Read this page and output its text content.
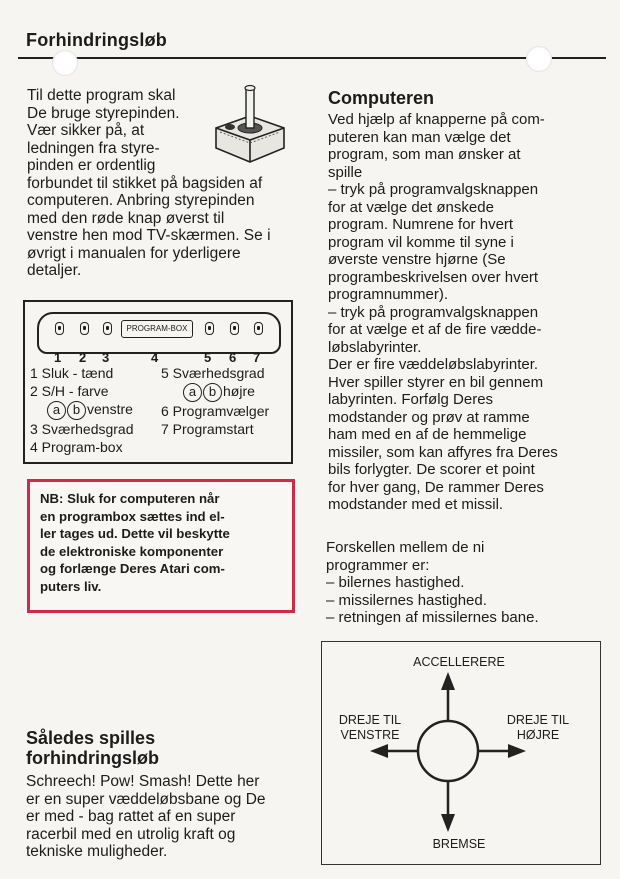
Forhindringsløb
Til dette program skal
De bruge styrepinden.
Vær sikker på, at
ledningen fra styre-
pinden er ordentlig
forbundet til stikket på bagsiden af
computeren. Anbring styrepinden
med den røde knap øverst til
venstre hen mod TV-skærmen. Se i
øvrigt i manualen for yderligere
detaljer.
PROGRAM-BOX
1 2 3	4	5 6 7
1 Sluk - tænd
2 S/H - farve
a b venstre
3 Sværhedsgrad
4 Program-box
5 Sværhedsgrad
a b højre
6 Programvælger
7 Programstart
NB: Sluk for computeren når
en programbox sættes ind el-
ler tages ud. Dette vil beskytte
de elektroniske komponenter
og forlænge Deres Atari com-
puters liv.
Således spilles
forhindringsløb
Schreech! Pow! Smash! Dette her
er en super væddeløbsbane og De
er med - bag rattet af en super
racerbil med en utrolig kraft og
tekniske muligheder.
Computeren
Ved hjælp af knapperne på com-
puteren kan man vælge det
program, som man ønsker at
spille
– tryk på programvalgsknappen
for at vælge det ønskede
program. Numrene for hvert
program vil komme til syne i
øverste venstre hjørne (Se
programbeskrivelsen over hvert
programnummer).
– tryk på programvalgsknappen
for at vælge et af de fire vædde-
løbslabyrinter.
Der er fire væddeløbslabyrinter.
Hver spiller styrer en bil gennem
labyrinten. Forfølg Deres
modstander og prøv at ramme
ham med en af de hemmelige
missiler, som kan affyres fra Deres
bils forlygter. De scorer et point
for hver gang, De rammer Deres
modstander med et missil.
Forskellen mellem de ni
programmer er:
– bilernes hastighed.
– missilernes hastighed.
– retningen af missilernes bane.
ACCELLERERE
DREJE TIL
VENSTRE
DREJE TIL
HØJRE
BREMSE
